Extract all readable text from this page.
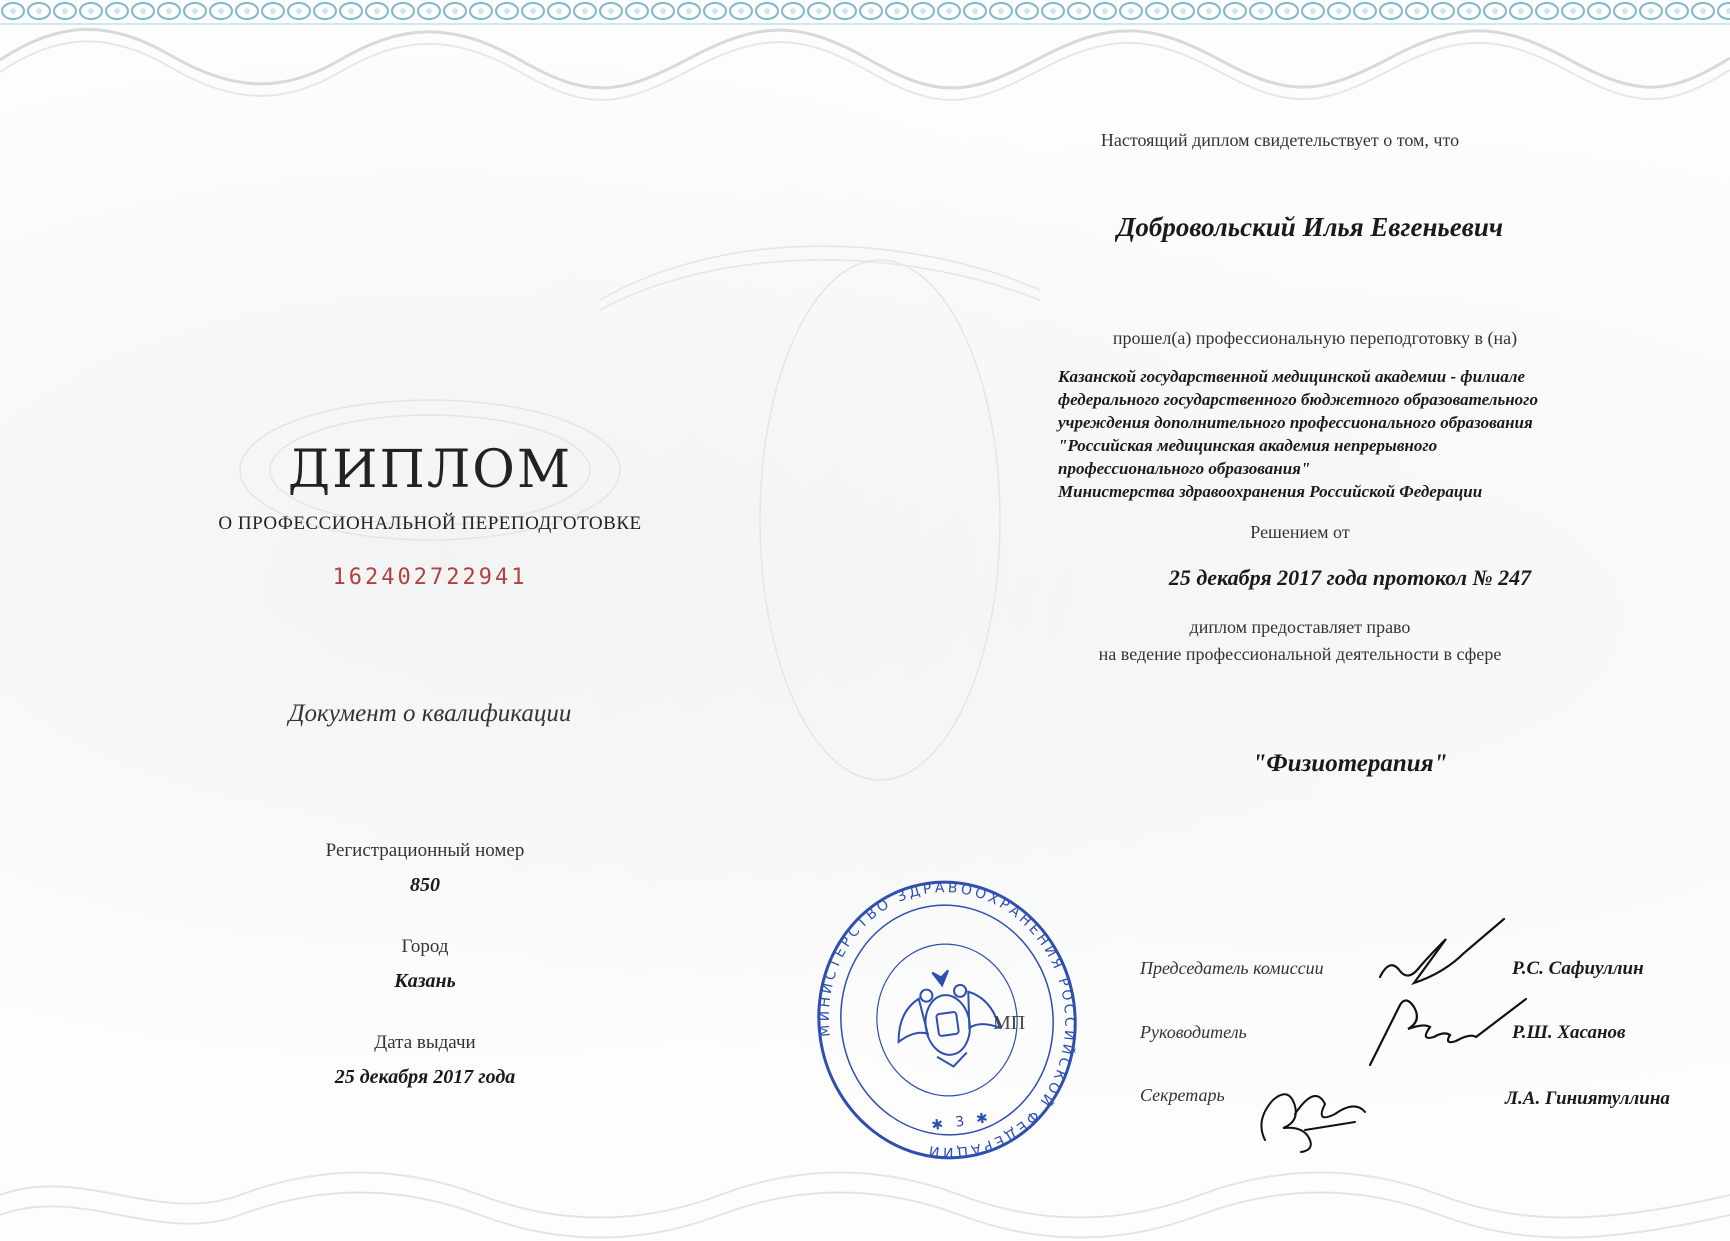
ДИПЛОМ
О ПРОФЕССИОНАЛЬНОЙ ПЕРЕПОДГОТОВКЕ
162402722941
Документ о квалификации
Регистрационный номер
850
Город
Казань
Дата выдачи
25 декабря 2017 года
Настоящий диплом свидетельствует о том, что
Добровольский Илья Евгеньевич
прошел(а) профессиональную переподготовку в (на)
Казанской государственной медицинской академии - филиале
федерального государственного бюджетного образовательного
учреждения дополнительного профессионального образования
"Российская медицинская академия непрерывного
профессионального образования"
Министерства здравоохранения Российской Федерации
Решением от
25 декабря 2017 года протокол № 247
диплом предоставляет право
на ведение профессиональной деятельности в сфере
"Физиотерапия"
МИНИСТЕРСТВО ЗДРАВООХРАНЕНИЯ РОССИЙСКОЙ ФЕДЕРАЦИИ
✱ 3 ✱
МП
Председатель комиссии	Р.С. Сафиуллин
Руководитель	Р.Ш. Хасанов
Секретарь	Л.А. Гиниятуллина
